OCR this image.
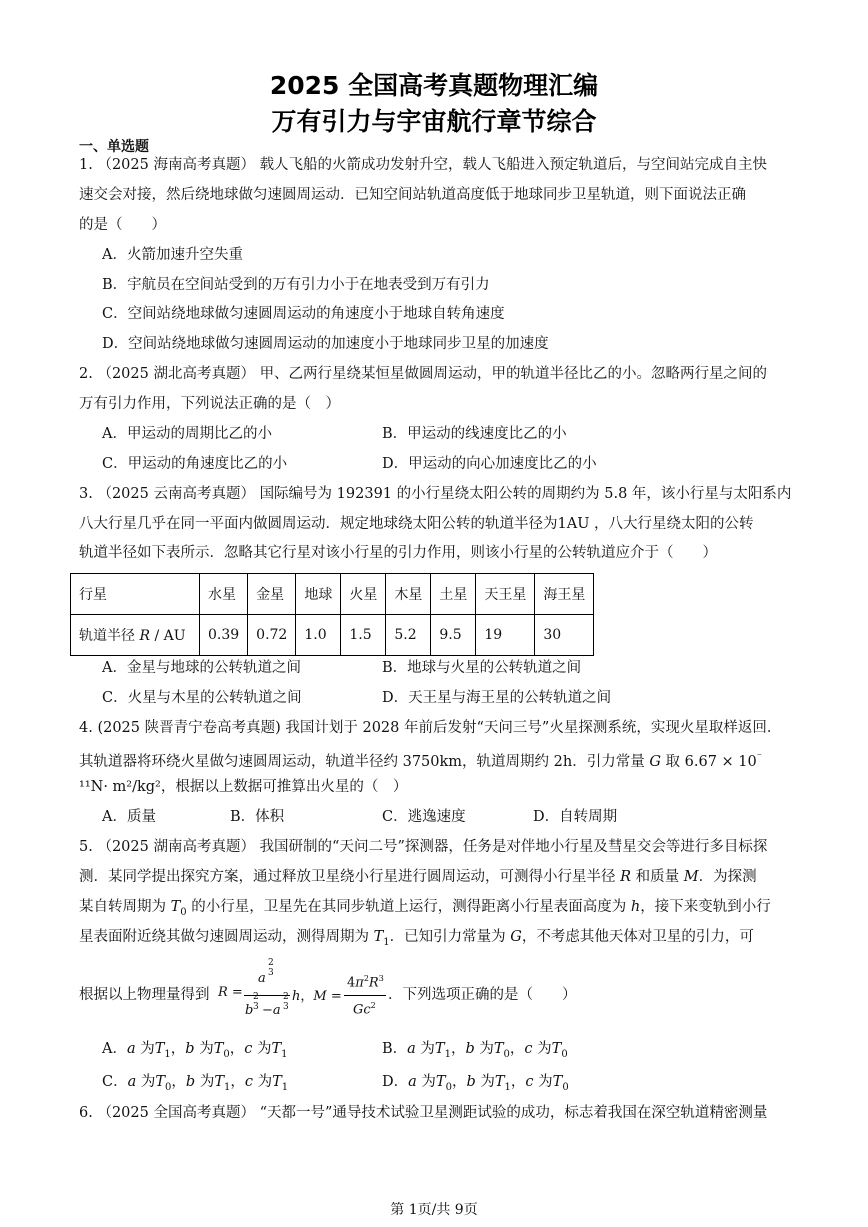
2025 全国高考真题物理汇编
万有引力与宇宙航行章节综合
一、单选题
1. （2025 海南高考真题） 载人飞船的火箭成功发射升空，载人飞船进入预定轨道后，与空间站完成自主快
速交会对接，然后绕地球做匀速圆周运动．已知空间站轨道高度低于地球同步卫星轨道，则下面说法正确
的是（　　）
A．火箭加速升空失重
B．宇航员在空间站受到的万有引力小于在地表受到万有引力
C．空间站绕地球做匀速圆周运动的角速度小于地球自转角速度
D．空间站绕地球做匀速圆周运动的加速度小于地球同步卫星的加速度
2. （2025 湖北高考真题） 甲、乙两行星绕某恒星做圆周运动，甲的轨道半径比乙的小。忽略两行星之间的
万有引力作用，下列说法正确的是（　）
A．甲运动的周期比乙的小	B．甲运动的线速度比乙的小
C．甲运动的角速度比乙的小	D．甲运动的向心加速度比乙的小
3. （2025 云南高考真题） 国际编号为 192391 的小行星绕太阳公转的周期约为 5.8 年，该小行星与太阳系内
八大行星几乎在同一平面内做圆周运动．规定地球绕太阳公转的轨道半径为1AU ，八大行星绕太阳的公转
轨道半径如下表所示．忽略其它行星对该小行星的引力作用，则该小行星的公转轨道应介于（　　）
行星	水星	金星	地球	火星	木星	土星	天王星	海王星
轨道半径 R / AU	0.39	0.72	1.0	1.5	5.2	9.5	19	30
A．金星与地球的公转轨道之间	B．地球与火星的公转轨道之间
C．火星与木星的公转轨道之间	D．天王星与海王星的公转轨道之间
4. (2025 陕晋青宁卷高考真题) 我国计划于 2028 年前后发射“天问三号”火星探测系统，实现火星取样返回．
其轨道器将环绕火星做匀速圆周运动，轨道半径约 3750km，轨道周期约 2h．引力常量 G 取 6.67 × 10⁻
¹¹N· m²/kg²，根据以上数据可推算出火星的（　）
A．质量	B．体积	C．逃逸速度	D．自转周期
5. （2025 湖南高考真题） 我国研制的“天问二号”探测器，任务是对伴地小行星及彗星交会等进行多目标探
测．某同学提出探究方案，通过释放卫星绕小行星进行圆周运动，可测得小行星半径 R 和质量 M．为探测
某自转周期为 $T_0$ 的小行星，卫星先在其同步轨道上运行，测得距离小行星表面高度为 h，接下来变轨到小行
星表面附近绕其做匀速圆周运动，测得周期为 $T_1$．已知引力常量为 G，不考虑其他天体对卫星的引力，可
根据以上物理量得到 R =
a
2
3
b
2
3 −a
2
3
h，M =
$4\pi^2R^3$
Gc$^2$
．下列选项正确的是（　　）
A．a 为$T_1$，b 为$T_0$，c 为$T_1$	B．a 为$T_1$，b 为$T_0$，c 为$T_0$
C．a 为$T_0$，b 为$T_1$，c 为$T_1$	D．a 为$T_0$，b 为$T_1$，c 为$T_0$
6. （2025 全国高考真题） “天都一号”通导技术试验卫星测距试验的成功，标志着我国在深空轨道精密测量
第 1页/共 9页
